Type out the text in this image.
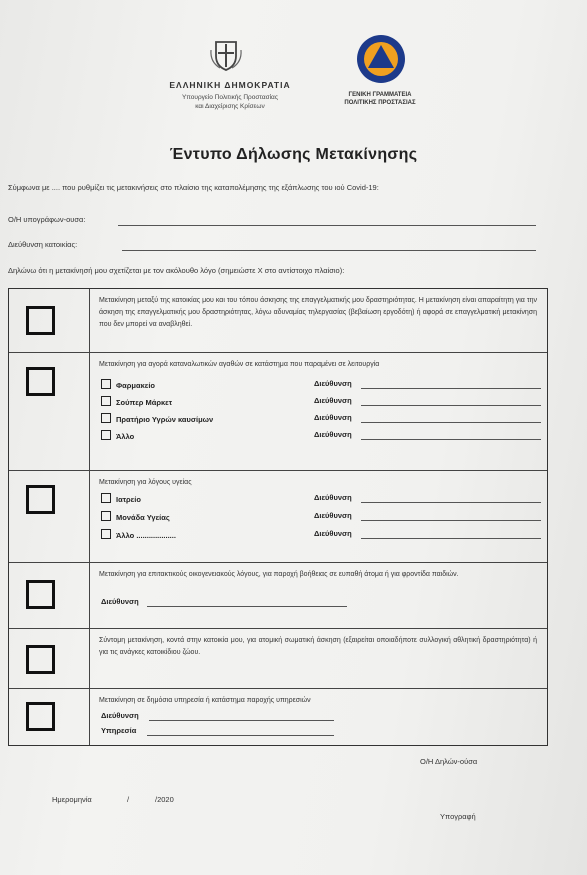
ΕΛΛΗΝΙΚΗ ΔΗΜΟΚΡΑΤΙΑ
Υπουργείο Πολιτικής Προστασίας
και Διαχείρισης Κρίσεων
ΓΕΝΙΚΗ ΓΡΑΜΜΑΤΕΙΑ
ΠΟΛΙΤΙΚΗΣ ΠΡΟΣΤΑΣΙΑΣ
Έντυπο Δήλωσης Μετακίνησης
Σύμφωνα με .... που ρυθμίζει τις μετακινήσεις στο πλαίσιο της καταπολέμησης της εξάπλωσης του ιού Covid-19:
Ο/Η υπογράφων-ουσα:
Διεύθυνση κατοικίας:
Δηλώνω ότι η μετακίνησή μου σχετίζεται με τον ακόλουθο λόγο (σημειώστε Χ στο αντίστοιχο πλαίσιο):
Μετακίνηση μεταξύ της κατοικίας μου και του τόπου άσκησης της επαγγελματικής μου δραστηριότητας. Η μετακίνηση είναι απαραίτητη για την άσκηση της επαγγελματικής μου δραστηριότητας, λόγω αδυναμίας τηλεργασίας (βεβαίωση εργοδότη) ή αφορά σε επαγγελματική μετακίνηση που δεν μπορεί να αναβληθεί.
Μετακίνηση για αγορά καταναλωτικών αγαθών σε κατάστημα που παραμένει σε λειτουργία
Φαρμακείο
Σούπερ Μάρκετ
Πρατήριο Υγρών καυσίμων
Άλλο
Διεύθυνση
Διεύθυνση
Διεύθυνση
Διεύθυνση
Μετακίνηση για λόγους υγείας
Ιατρείο
Μονάδα Υγείας
Άλλο ...................
Διεύθυνση
Διεύθυνση
Διεύθυνση
Μετακίνηση για επιτακτικούς οικογενειακούς λόγους, για παροχή βοήθειας σε ευπαθή άτομα ή για φροντίδα παιδιών.
Διεύθυνση
Σύντομη μετακίνηση, κοντά στην κατοικία μου, για ατομική σωματική άσκηση (εξαιρείται οποιαδήποτε συλλογική αθλητική δραστηριότητα) ή για τις ανάγκες κατοικίδιου ζώου.
Μετακίνηση σε δημόσια υπηρεσία ή κατάστημα παροχής υπηρεσιών
Διεύθυνση
Υπηρεσία
Ο/Η Δηλών-ούσα
Ημερομηνία	/	/2020
Υπογραφή
